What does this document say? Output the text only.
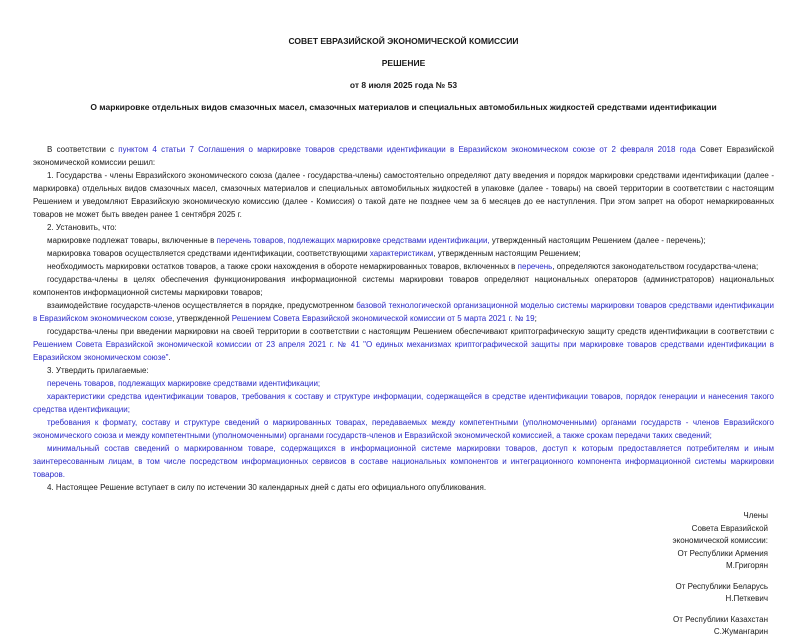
СОВЕТ ЕВРАЗИЙСКОЙ ЭКОНОМИЧЕСКОЙ КОМИССИИ
РЕШЕНИЕ
от 8 июля 2025 года № 53
О маркировке отдельных видов смазочных масел, смазочных материалов и специальных автомобильных жидкостей средствами идентификации

В соответствии с пунктом 4 статьи 7 Соглашения о маркировке товаров средствами идентификации в Евразийском экономическом союзе от 2 февраля 2018 года Совет Евразийской экономической комиссии решил:

1. Государства - члены Евразийского экономического союза (далее - государства-члены) самостоятельно определяют дату введения и порядок маркировки средствами идентификации (далее - маркировка) отдельных видов смазочных масел, смазочных материалов и специальных автомобильных жидкостей в упаковке (далее - товары) на своей территории в соответствии с настоящим Решением и уведомляют Евразийскую экономическую комиссию (далее - Комиссия) о такой дате не позднее чем за 6 месяцев до ее наступления. При этом запрет на оборот немаркированных товаров не может быть введен ранее 1 сентября 2025 г.

2. Установить, что:

маркировке подлежат товары, включенные в перечень товаров, подлежащих маркировке средствами идентификации, утвержденный настоящим Решением (далее - перечень);

маркировка товаров осуществляется средствами идентификации, соответствующими характеристикам, утвержденным настоящим Решением;

необходимость маркировки остатков товаров, а также сроки нахождения в обороте немаркированных товаров, включенных в перечень, определяются законодательством государства-члена;

государства-члены в целях обеспечения функционирования информационной системы маркировки товаров определяют национальных операторов (администраторов) национальных компонентов информационной системы маркировки товаров;

взаимодействие государств-членов осуществляется в порядке, предусмотренном базовой технологической организационной моделью системы маркировки товаров средствами идентификации в Евразийском экономическом союзе, утвержденной Решением Совета Евразийской экономической комиссии от 5 марта 2021 г. № 19;

государства-члены при введении маркировки на своей территории в соответствии с настоящим Решением обеспечивают криптографическую защиту средств идентификации в соответствии с Решением Совета Евразийской экономической комиссии от 23 апреля 2021 г. № 41 "О единых механизмах криптографической защиты при маркировке товаров средствами идентификации в Евразийском экономическом союзе".

3. Утвердить прилагаемые:

перечень товаров, подлежащих маркировке средствами идентификации;

характеристики средства идентификации товаров, требования к составу и структуре информации, содержащейся в средстве идентификации товаров, порядок генерации и нанесения такого средства идентификации;

требования к формату, составу и структуре сведений о маркированных товарах, передаваемых между компетентными (уполномоченными) органами государств - членов Евразийского экономического союза и между компетентными (уполномоченными) органами государств-членов и Евразийской экономической комиссией, а также срокам передачи таких сведений;

минимальный состав сведений о маркированном товаре, содержащихся в информационной системе маркировки товаров, доступ к которым предоставляется потребителям и иным заинтересованным лицам, в том числе посредством информационных сервисов в составе национальных компонентов и интеграционного компонента информационной системы маркировки товаров.

4. Настоящее Решение вступает в силу по истечении 30 календарных дней с даты его официального опубликования.

Члены
Совета Евразийской
экономической комиссии:
От Республики Армения
М.Григорян
От Республики Беларусь
Н.Петкевич
От Республики Казахстан
С.Жумангарин
